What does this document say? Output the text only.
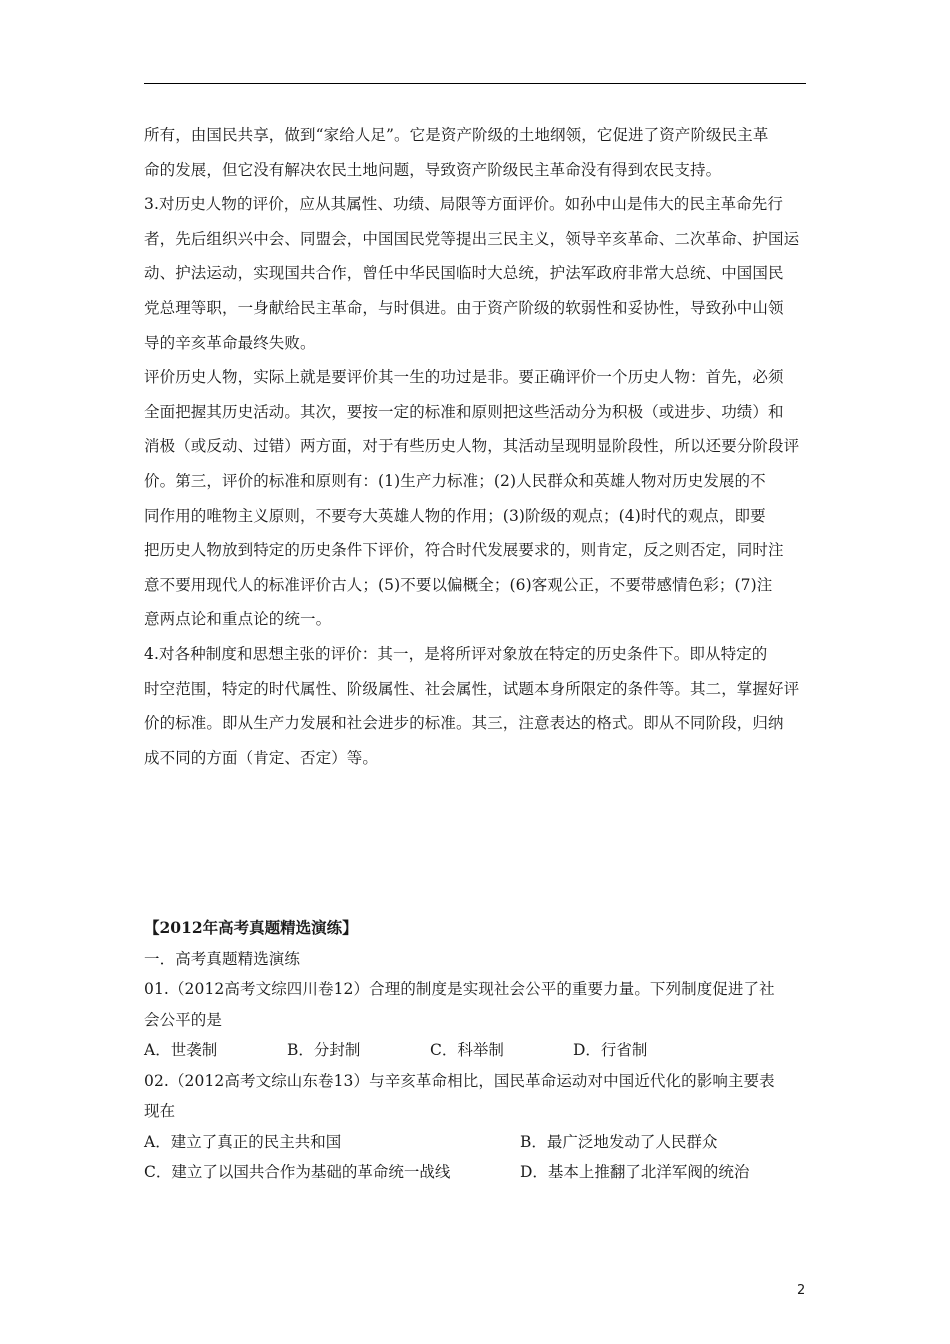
所有，由国民共享，做到“家给人足”。它是资产阶级的土地纲领，它促进了资产阶级民主革
命的发展，但它没有解决农民土地问题，导致资产阶级民主革命没有得到农民支持。
3.对历史人物的评价，应从其属性、功绩、局限等方面评价。如孙中山是伟大的民主革命先行
者，先后组织兴中会、同盟会，中国国民党等提出三民主义，领导辛亥革命、二次革命、护国运
动、护法运动，实现国共合作，曾任中华民国临时大总统，护法军政府非常大总统、中国国民
党总理等职，一身献给民主革命，与时俱进。由于资产阶级的软弱性和妥协性，导致孙中山领
导的辛亥革命最终失败。
评价历史人物，实际上就是要评价其一生的功过是非。要正确评价一个历史人物：首先，必须
全面把握其历史活动。其次，要按一定的标准和原则把这些活动分为积极（或进步、功绩）和
消极（或反动、过错）两方面，对于有些历史人物，其活动呈现明显阶段性，所以还要分阶段评
价。第三，评价的标准和原则有：(1)生产力标准；(2)人民群众和英雄人物对历史发展的不
同作用的唯物主义原则，不要夸大英雄人物的作用；(3)阶级的观点；(4)时代的观点，即要
把历史人物放到特定的历史条件下评价，符合时代发展要求的，则肯定，反之则否定，同时注
意不要用现代人的标准评价古人；(5)不要以偏概全；(6)客观公正，不要带感情色彩；(7)注
意两点论和重点论的统一。
4.对各种制度和思想主张的评价：其一，是将所评对象放在特定的历史条件下。即从特定的
时空范围，特定的时代属性、阶级属性、社会属性，试题本身所限定的条件等。其二，掌握好评
价的标准。即从生产力发展和社会进步的标准。其三，注意表达的格式。即从不同阶段，归纳
成不同的方面（肯定、否定）等。
【2012年高考真题精选演练】
一．高考真题精选演练
01.（2012高考文综四川卷12）合理的制度是实现社会公平的重要力量。下列制度促进了社
会公平的是
A．世袭制	B．分封制	C．科举制	D．行省制
02.（2012高考文综山东卷13）与辛亥革命相比，国民革命运动对中国近代化的影响主要表
现在
A．建立了真正的民主共和国	B．最广泛地发动了人民群众
C．建立了以国共合作为基础的革命统一战线	D．基本上推翻了北洋军阀的统治
2
